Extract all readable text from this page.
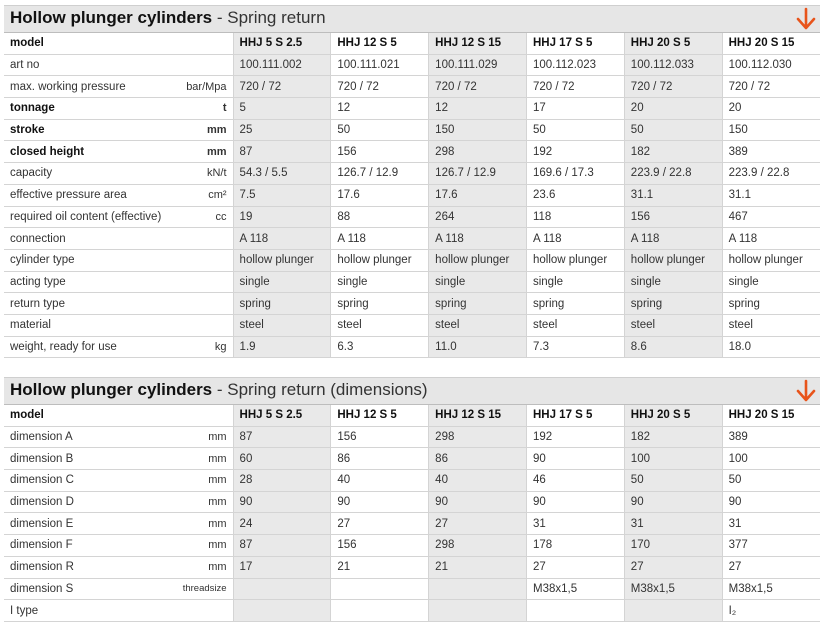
Hollow plunger cylinders - Spring return
model	HHJ 5 S 2.5	HHJ 12 S 5	HHJ 12 S 15	HHJ 17 S 5	HHJ 20 S 5	HHJ 20 S 15

art no	100.111.002	100.111.021	100.111.029	100.112.023	100.112.033	100.112.030

max. working pressure bar/Mpa	720 / 72	720 / 72	720 / 72	720 / 72	720 / 72	720 / 72

tonnage t	5	12	12	17	20	20

stroke mm	25	50	150	50	50	150

closed height mm	87	156	298	192	182	389

capacity kN/t	54.3 / 5.5	126.7 / 12.9	126.7 / 12.9	169.6 / 17.3	223.9 / 22.8	223.9 / 22.8

effective pressure area cm²	7.5	17.6	17.6	23.6	31.1	31.1

required oil content (effective) cc	19	88	264	118	156	467

connection	A 118	A 118	A 118	A 118	A 118	A 118

cylinder type	hollow plunger	hollow plunger	hollow plunger	hollow plunger	hollow plunger	hollow plunger

acting type	single	single	single	single	single	single

return type	spring	spring	spring	spring	spring	spring

material	steel	steel	steel	steel	steel	steel

weight, ready for use kg	1.9	6.3	11.0	7.3	8.6	18.0
Hollow plunger cylinders - Spring return (dimensions)
model	HHJ 5 S 2.5	HHJ 12 S 5	HHJ 12 S 15	HHJ 17 S 5	HHJ 20 S 5	HHJ 20 S 15

dimension A mm	87	156	298	192	182	389

dimension B mm	60	86	86	90	100	100

dimension C mm	28	40	40	46	50	50

dimension D mm	90	90	90	90	90	90

dimension E mm	24	27	27	31	31	31

dimension F mm	87	156	298	178	170	377

dimension R mm	17	21	21	27	27	27

dimension S threadsize				M38x1,5	M38x1,5	M38x1,5

I type						I₂
